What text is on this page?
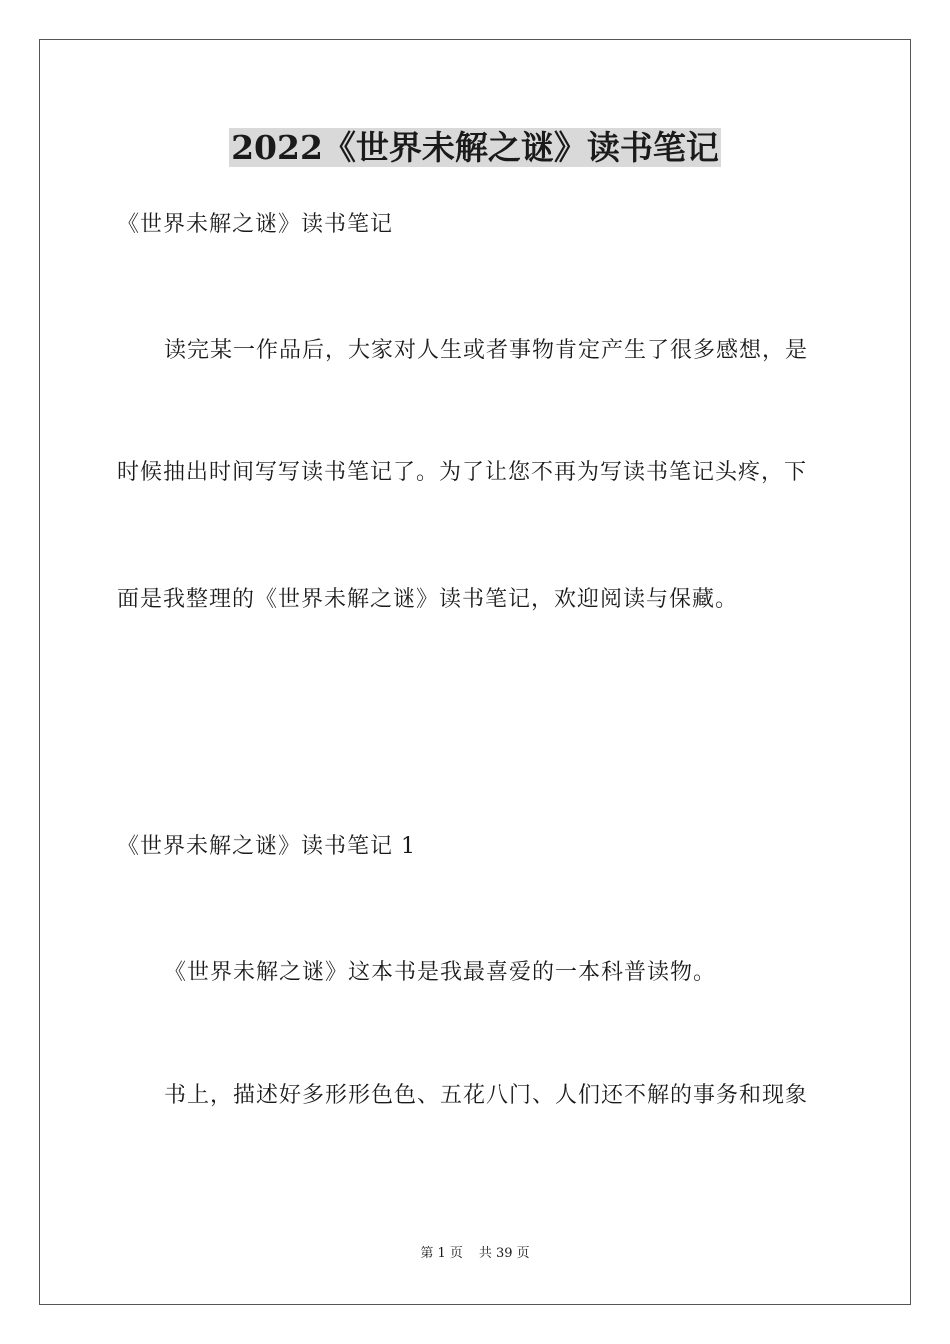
2022《世界未解之谜》读书笔记
《世界未解之谜》读书笔记
读完某一作品后，大家对人生或者事物肯定产生了很多感想，是
时候抽出时间写写读书笔记了。为了让您不再为写读书笔记头疼，下
面是我整理的《世界未解之谜》读书笔记，欢迎阅读与保藏。
《世界未解之谜》读书笔记 1
《世界未解之谜》这本书是我最喜爱的一本科普读物。
书上，描述好多形形色色、五花八门、人们还不解的事务和现象
第 1 页 共 39 页
